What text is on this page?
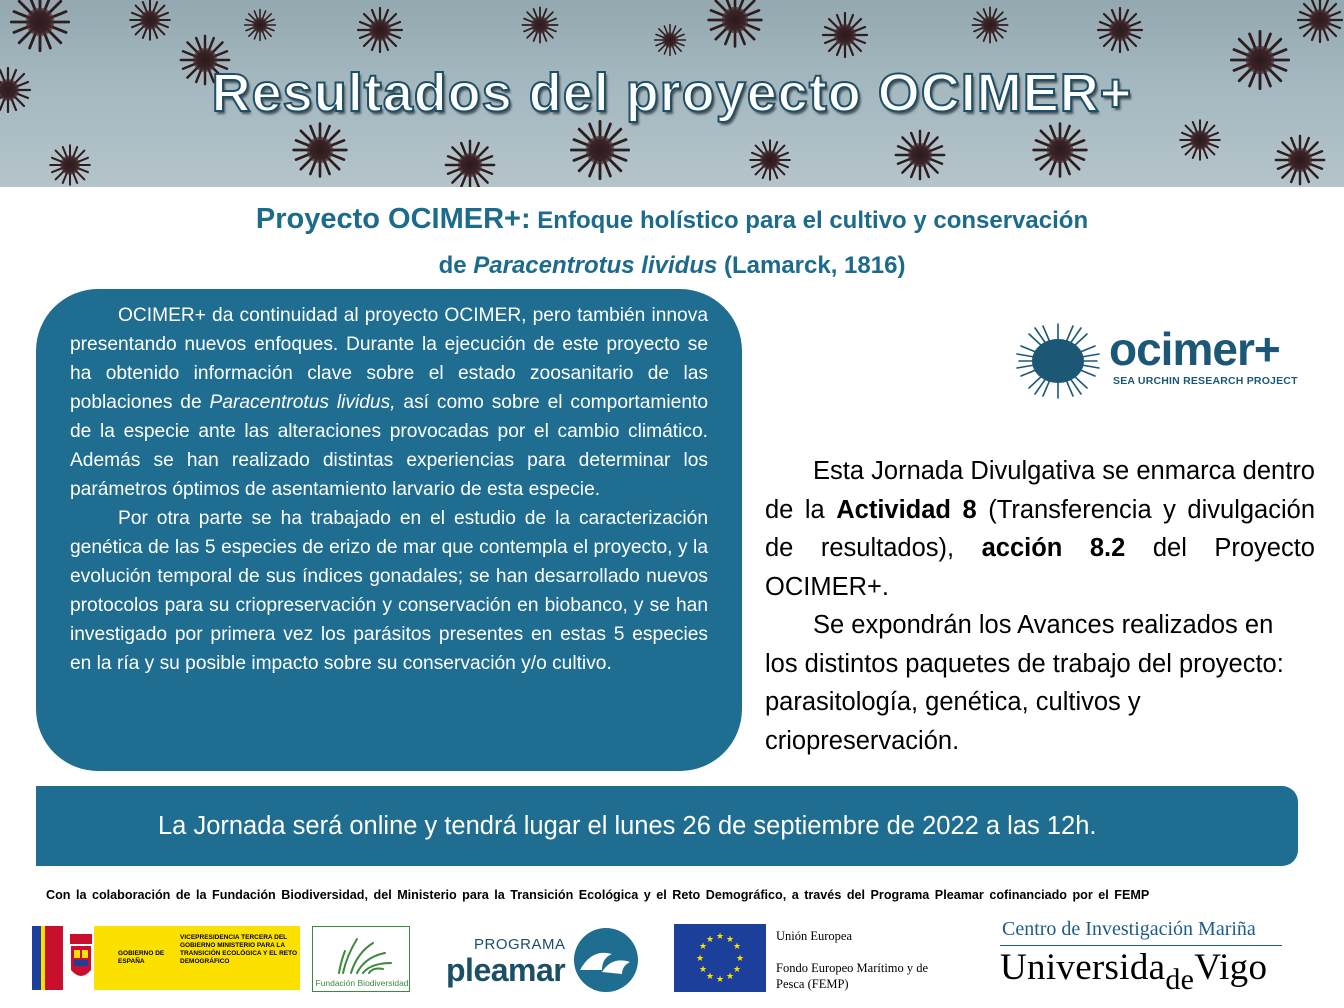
Resultados del proyecto OCIMER+
Proyecto OCIMER+: Enfoque holístico para el cultivo y conservación
de Paracentrotus lividus (Lamarck, 1816)

OCIMER+ da continuidad al proyecto OCIMER, pero también innova presentando nuevos enfoques. Durante la ejecución de este proyecto se ha obtenido información clave sobre el estado zoosanitario de las poblaciones de Paracentrotus lividus, así como sobre el comportamiento de la especie ante las alteraciones provocadas por el cambio climático. Además se han realizado distintas experiencias para determinar los parámetros óptimos de asentamiento larvario de esta especie.

Por otra parte se ha trabajado en el estudio de la caracterización genética de las 5 especies de erizo de mar que contempla el proyecto, y la evolución temporal de sus índices gonadales; se han desarrollado nuevos protocolos para su criopreservación y conservación en biobanco, y se han investigado por primera vez los parásitos presentes en estas 5 especies en la ría y su posible impacto sobre su conservación y/o cultivo.

ocimer+
SEA URCHIN RESEARCH PROJECT

Esta Jornada Divulgativa se enmarca dentro de la Actividad 8 (Transferencia y divulgación de resultados), acción 8.2 del Proyecto OCIMER+.

Se expondrán los Avances realizados en los distintos paquetes de trabajo del proyecto: parasitología, genética, cultivos y criopreservación.

La Jornada será online y tendrá lugar el lunes 26 de septiembre de 2022 a las 12h.
Con la colaboración de la Fundación Biodiversidad, del Ministerio para la Transición Ecológica y el Reto Demográfico, a través del Programa Pleamar cofinanciado por el FEMP
GOBIERNO DE ESPAÑA
VICEPRESIDENCIA TERCERA DEL GOBIERNO MINISTERIO PARA LA TRANSICIÓN ECOLÓGICA Y EL RETO DEMOGRÁFICO
Fundación Biodiversidad
PROGRAMA
pleamar
★ ★
★
★
★
★
★
★
★
★
★
★	Unión Europea
Fondo Europeo Marítimo y de Pesca (FEMP)
Centro de Investigación Mariña
Universida$_{de}$Vigo
